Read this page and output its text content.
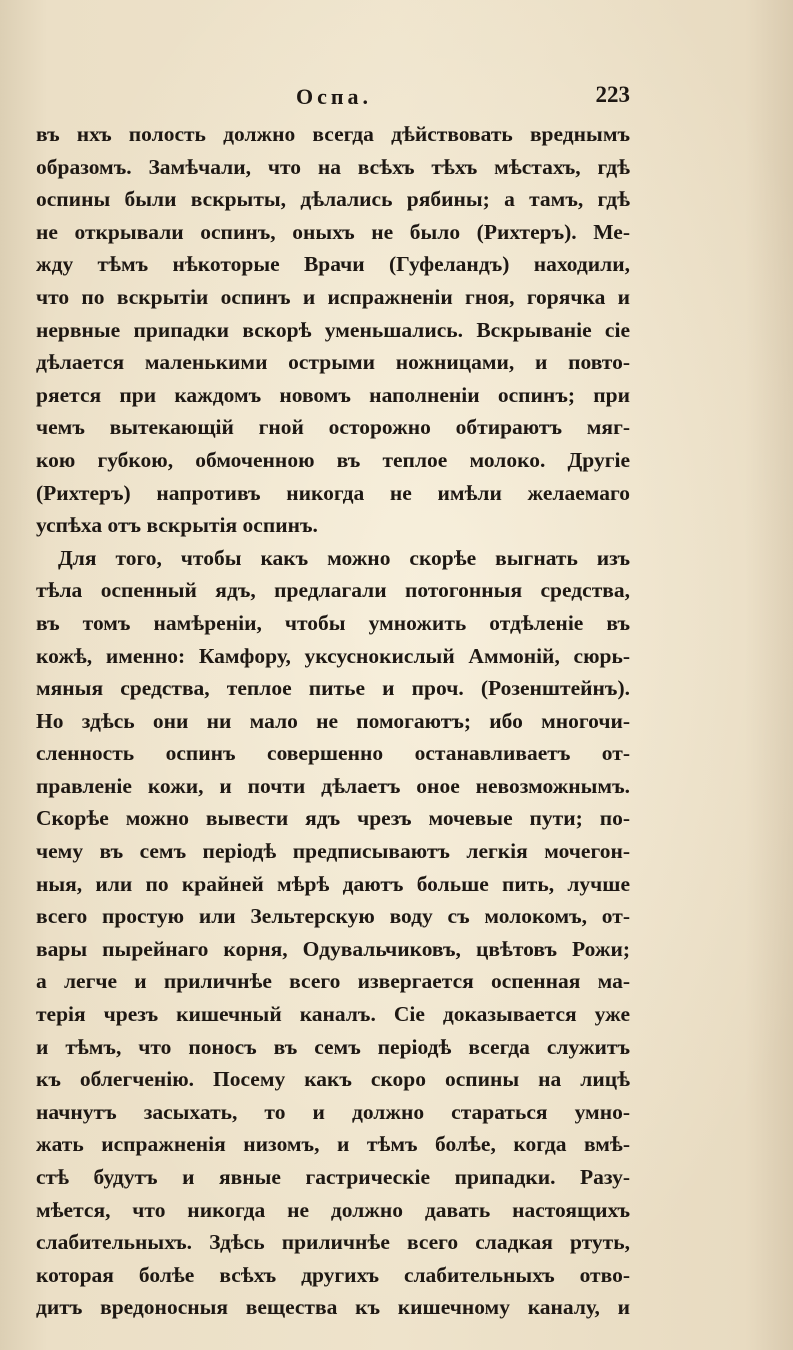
Оспа.	223
въ нхъ полость должно всегда дѣйствовать вреднымъ
образомъ. Замѣчали, что на всѣхъ тѣхъ мѣстахъ, гдѣ
оспины были вскрыты, дѣлались рябины; а тамъ, гдѣ
не открывали оспинъ, оныхъ не было (Рихтеръ). Ме-
жду тѣмъ нѣкоторые Врачи (Гуфеландъ) находили,
что по вскрытіи оспинъ и испражненіи гноя, горячка и
нервные припадки вскорѣ уменьшались. Вскрываніе сіе
дѣлается маленькими острыми ножницами, и повто-
ряется при каждомъ новомъ наполненіи оспинъ; при
чемъ вытекающій гной осторожно обтираютъ мяг-
кою губкою, обмоченною въ теплое молоко. Другіе
(Рихтеръ) напротивъ никогда не имѣли желаемаго
успѣха отъ вскрытія оспинъ.
Для того, чтобы какъ можно скорѣе выгнать изъ
тѣла оспенный ядъ, предлагали потогонныя средства,
въ томъ намѣреніи, чтобы умножить отдѣленіе въ
кожѣ, именно: Камфору, уксуснокислый Аммоній, сюрь-
мяныя средства, теплое питье и проч. (Розенштейнъ).
Но здѣсь они ни мало не помогаютъ; ибо многочи-
сленность оспинъ совершенно останавливаетъ от-
правленіе кожи, и почти дѣлаетъ оное невозможнымъ.
Скорѣе можно вывести ядъ чрезъ мочевые пути; по-
чему въ семъ періодѣ предписываютъ легкія мочегон-
ныя, или по крайней мѣрѣ даютъ больше пить, лучше
всего простую или Зельтерскую воду съ молокомъ, от-
вары пырейнаго корня, Одувальчиковъ, цвѣтовъ Рожи;
а легче и приличнѣе всего извергается оспенная ма-
терія чрезъ кишечный каналъ. Сіе доказывается уже
и тѣмъ, что поносъ въ семъ періодѣ всегда служитъ
къ облегченію. Посему какъ скоро оспины на лицѣ
начнутъ засыхать, то и должно стараться умно-
жать испражненія низомъ, и тѣмъ болѣе, когда вмѣ-
стѣ будутъ и явные гастрическіе припадки. Разу-
мѣется, что никогда не должно давать настоящихъ
слабительныхъ. Здѣсь приличнѣе всего сладкая ртуть,
которая болѣе всѣхъ другихъ слабительныхъ отво-
дитъ вредоносныя вещества къ кишечному каналу, и
